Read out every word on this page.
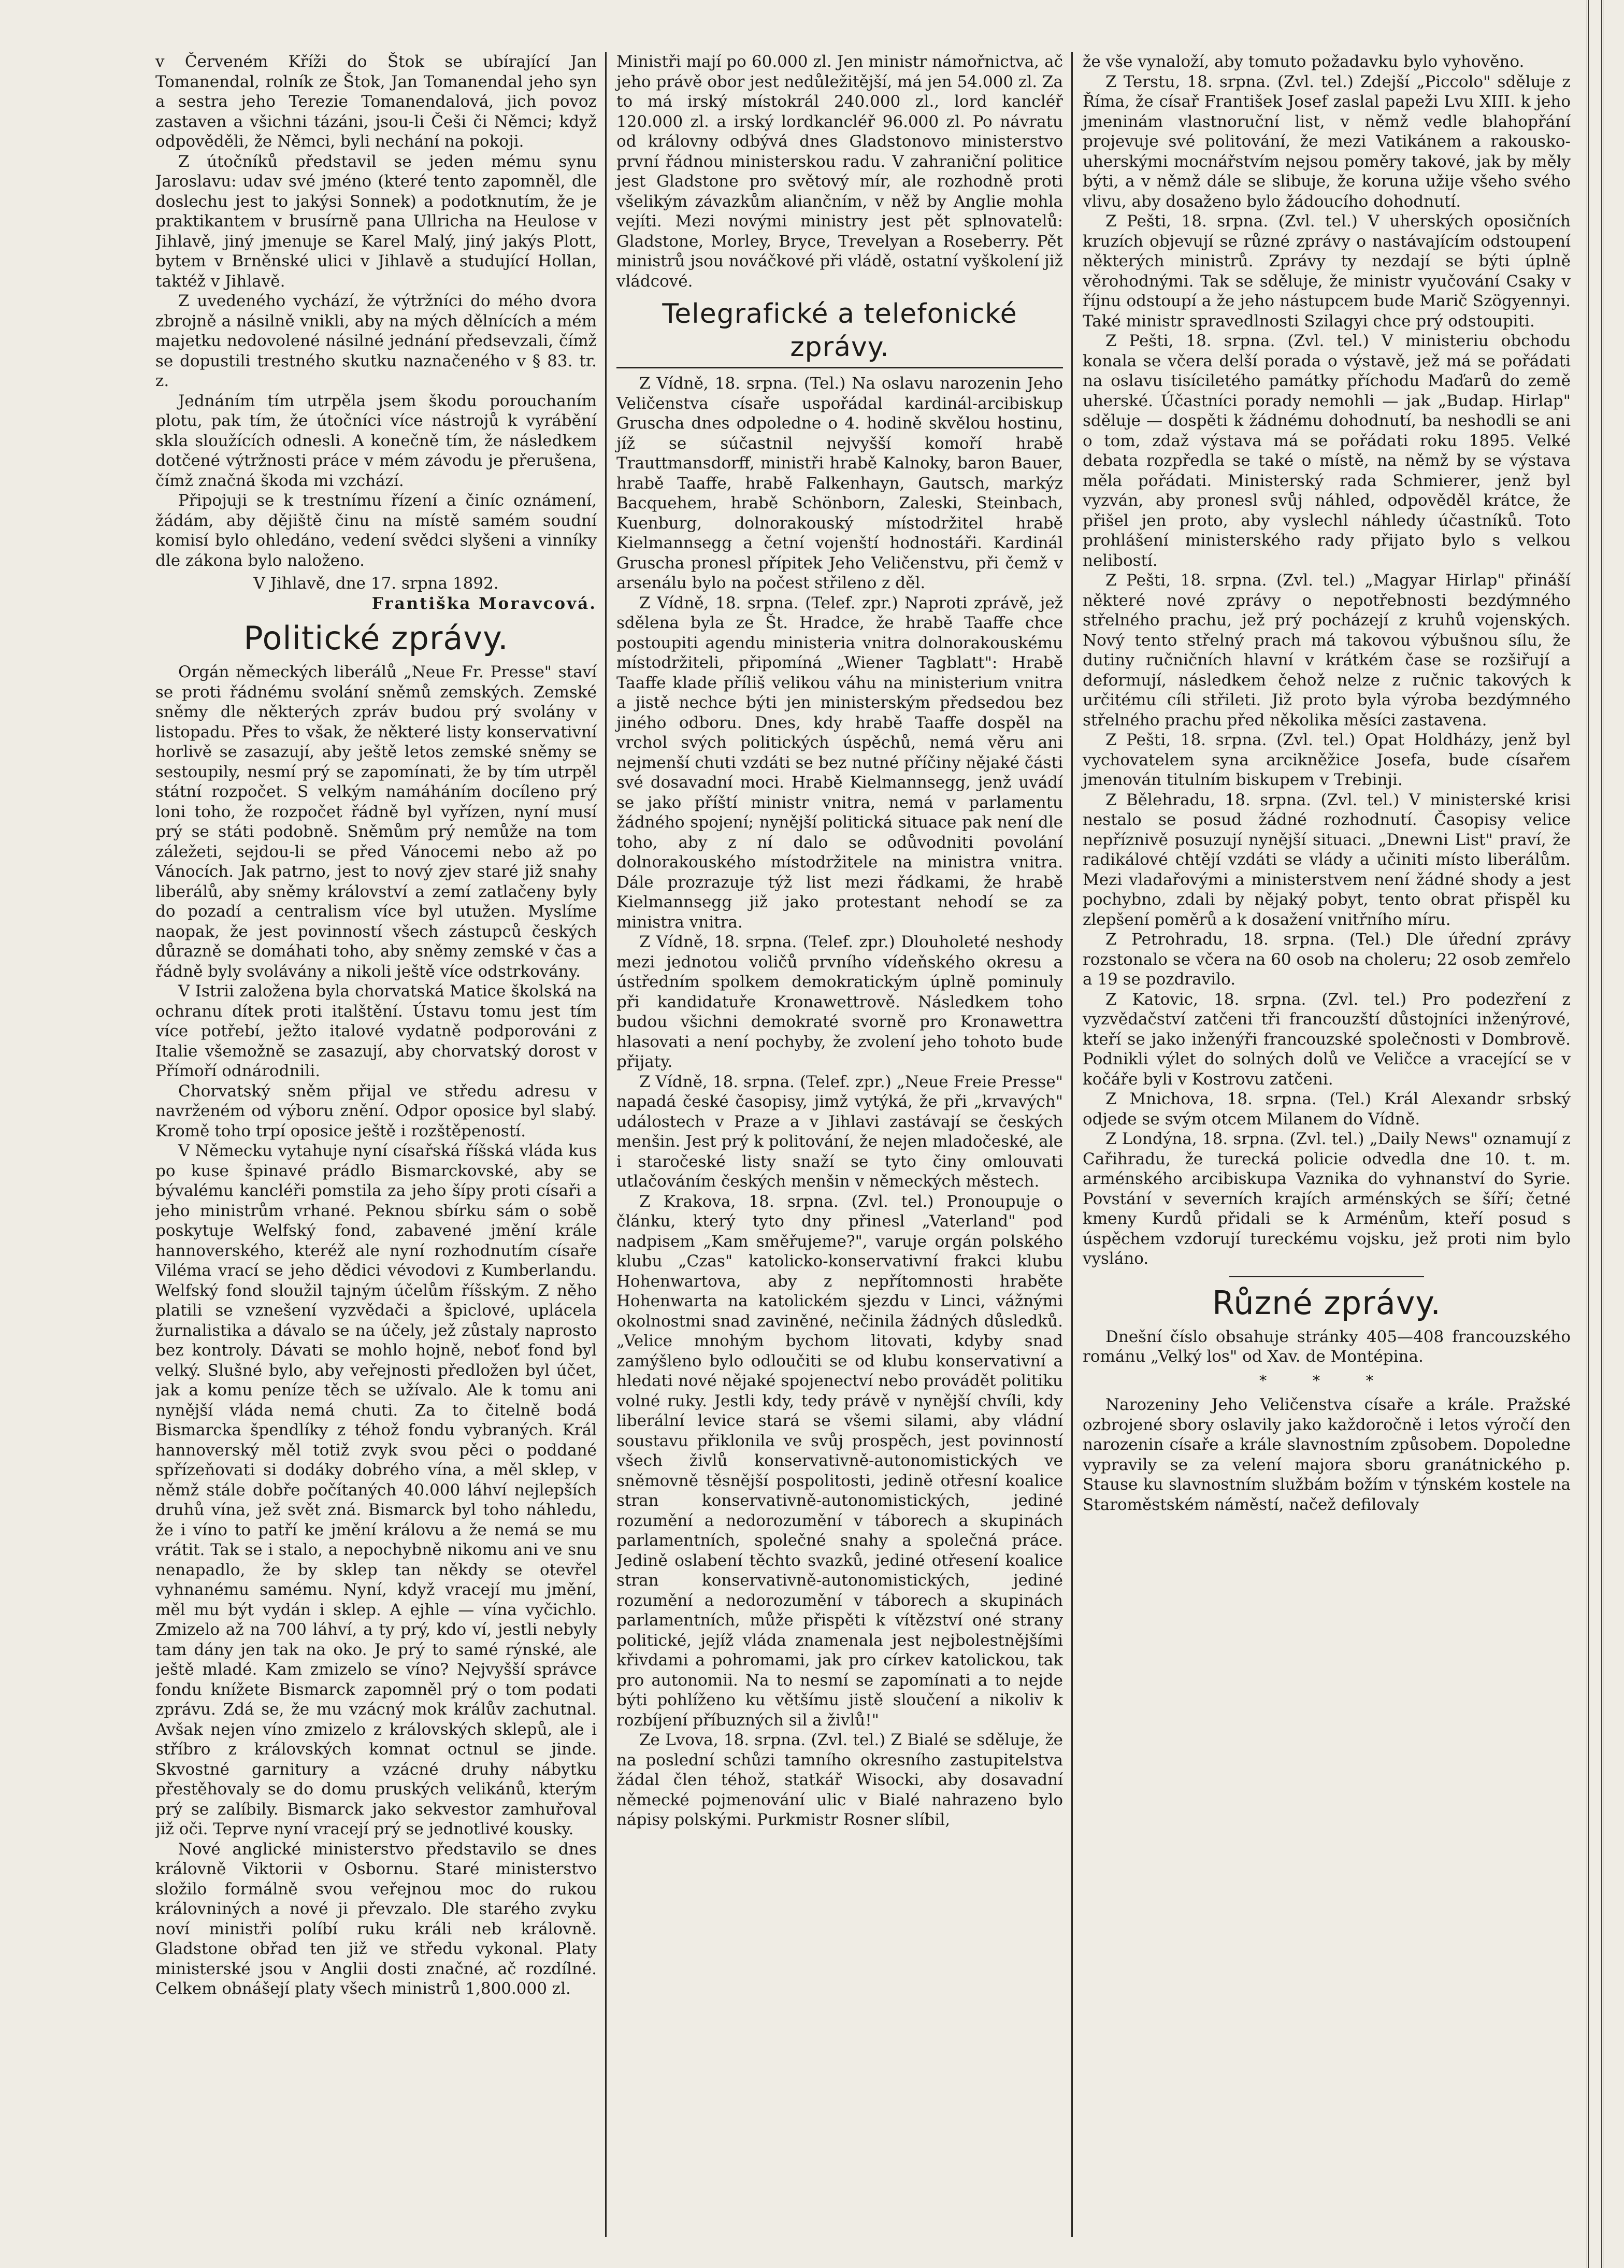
v Červeném Kříži do Štok se ubírající Jan Tomanendal, rolník ze Štok, Jan Tomanendal jeho syn a sestra jeho Terezie Tomanendalová, jich povoz zastaven a všichni tázáni, jsou-li Češi či Němci; když odpověděli, že Němci, byli nechání na pokoji.

Z útočníků představil se jeden mému synu Jaroslavu: udav své jméno (které tento zapomněl, dle doslechu jest to jakýsi Sonnek) a podotknutím, že je praktikantem v brusírně pana Ullricha na Heulose v Jihlavě, jiný jmenuje se Karel Malý, jiný jakýs Plott, bytem v Brněnské ulici v Jihlavě a studující Hollan, taktéž v Jihlavě.

Z uvedeného vychází, že výtržníci do mého dvora zbrojně a násilně vnikli, aby na mých dělnících a mém majetku nedovolené násilné jednání předsevzali, čímž se dopustili trestného skutku naznačeného v § 83. tr. z.

Jednáním tím utrpěla jsem škodu porouchaním plotu, pak tím, že útočníci více nástrojů k vyrábění skla sloužících odnesli. A konečně tím, že následkem dotčené výtržnosti práce v mém závodu je přerušena, čímž značná škoda mi vzchází.

Připojuji se k trestnímu řízení a činíc oznámení, žádám, aby dějiště činu na místě samém soudní komisí bylo ohledáno, vedení svědci slyšeni a vinníky dle zákona bylo naloženo.

V Jihlavě, dne 17. srpna 1892.

Františka Moravcová.

Politické zprávy.

Orgán německých liberálů „Neue Fr. Presse" staví se proti řádnému svolání sněmů zemských. Zemské sněmy dle některých zpráv budou prý svolány v listopadu. Přes to však, že některé listy konservativní horlivě se zasazují, aby ještě letos zemské sněmy se sestoupily, nesmí prý se zapomínati, že by tím utrpěl státní rozpočet. S velkým namáháním docíleno prý loni toho, že rozpočet řádně byl vyřízen, nyní musí prý se státi podobně. Sněmům prý nemůže na tom záležeti, sejdou-li se před Vánocemi nebo až po Vánocích. Jak patrno, jest to nový zjev staré již snahy liberálů, aby sněmy království a zemí zatlačeny byly do pozadí a centralism více byl utužen. Myslíme naopak, že jest povinností všech zástupců českých důrazně se domáhati toho, aby sněmy zemské v čas a řádně byly svolávány a nikoli ještě více odstrkovány.

V Istrii založena byla chorvatská Matice školská na ochranu dítek proti italštění. Ústavu tomu jest tím více potřebí, ježto italové vydatně podporováni z Italie všemožně se zasazují, aby chorvatský dorost v Přímoří odnárodnili.

Chorvatský sněm přijal ve středu adresu v navrženém od výboru znění. Odpor oposice byl slabý. Kromě toho trpí oposice ještě i rozštěpeností.

V Německu vytahuje nyní císařská říšská vláda kus po kuse špinavé prádlo Bismarckovské, aby se bývalému kancléři pomstila za jeho šípy proti císaři a jeho ministrům vrhané. Peknou sbírku sám o sobě poskytuje Welfský fond, zabavené jmění krále hannoverského, kteréž ale nyní rozhodnutím císaře Viléma vrací se jeho dědici vévodovi z Kumberlandu. Welfský fond sloužil tajným účelům říšským. Z něho platili se vznešení vyzvědači a špiclové, uplácela žurnalistika a dávalo se na účely, jež zůstaly naprosto bez kontroly. Dávati se mohlo hojně, neboť fond byl velký. Slušné bylo, aby veřejnosti předložen byl účet, jak a komu peníze těch se užívalo. Ale k tomu ani nynější vláda nemá chuti. Za to čitelně bodá Bismarcka špendlíky z téhož fondu vybraných. Král hannoverský měl totiž zvyk svou pěci o poddané spřízeňovati si dodáky dobrého vína, a měl sklep, v němž stále dobře počítaných 40.000 láhví nejlepších druhů vína, jež svět zná. Bismarck byl toho náhledu, že i víno to patří ke jmění královu a že nemá se mu vrátit. Tak se i stalo, a nepochybně nikomu ani ve snu nenapadlo, že by sklep tan někdy se otevřel vyhnanému samému. Nyní, když vracejí mu jmění, měl mu být vydán i sklep. A ejhle — vína vyčichlo. Zmizelo až na 700 láhví, a ty prý, kdo ví, jestli nebyly tam dány jen tak na oko. Je prý to samé rýnské, ale ještě mladé. Kam zmizelo se víno? Nejvyšší správce fondu knížete Bismarck zapomněl prý o tom podati zprávu. Zdá se, že mu vzácný mok králův zachutnal. Avšak nejen víno zmizelo z královských sklepů, ale i stříbro z královských komnat octnul se jinde. Skvostné garnitury a vzácné druhy nábytku přestěhovaly se do domu pruských velikánů, kterým prý se zalíbily. Bismarck jako sekvestor zamhuřoval již oči. Teprve nyní vracejí prý se jednotlivé kousky.

Nové anglické ministerstvo představilo se dnes královně Viktorii v Osbornu. Staré ministerstvo složilo formálně svou veřejnou moc do rukou královniných a nové ji převzalo. Dle starého zvyku noví ministři políbí ruku králi neb královně. Gladstone obřad ten již ve středu vykonal. Platy ministerské jsou v Anglii dosti značné, ač rozdílné. Celkem obnášejí platy všech ministrů 1,800.000 zl.

Ministři mají po 60.000 zl. Jen ministr námořnictva, ač jeho právě obor jest nedůležitější, má jen 54.000 zl. Za to má irský místokrál 240.000 zl., lord kancléř 120.000 zl. a irský lordkancléř 96.000 zl. Po návratu od královny odbývá dnes Gladstonovo ministerstvo první řádnou ministerskou radu. V zahraniční politice jest Gladstone pro světový mír, ale rozhodně proti všelikým závazkům aliančním, v něž by Anglie mohla vejíti. Mezi novými ministry jest pět splnovatelů: Gladstone, Morley, Bryce, Trevelyan a Roseberry. Pět ministrů jsou nováčkové při vládě, ostatní vyškolení již vládcové.

Telegrafické a telefonické zprávy.

Z Vídně, 18. srpna. (Tel.) Na oslavu narozenin Jeho Veličenstva císaře uspořádal kardinál-arcibiskup Gruscha dnes odpoledne o 4. hodině skvělou hostinu, jíž se súčastnil nejvyšší komoří hrabě Trauttmansdorff, ministři hrabě Kalnoky, baron Bauer, hrabě Taaffe, hrabě Falkenhayn, Gautsch, markýz Bacquehem, hrabě Schönborn, Zaleski, Steinbach, Kuenburg, dolnorakouský místodržitel hrabě Kielmannsegg a četní vojenští hodnostáři. Kardinál Gruscha pronesl přípitek Jeho Veličenstvu, při čemž v arsenálu bylo na počest střileno z děl.

Z Vídně, 18. srpna. (Telef. zpr.) Naproti zprávě, jež sdělena byla ze Št. Hradce, že hrabě Taaffe chce postoupiti agendu ministeria vnitra dolnorakouskému místodržiteli, připomíná „Wiener Tagblatt": Hrabě Taaffe klade příliš velikou váhu na ministerium vnitra a jistě nechce býti jen ministerským předsedou bez jiného odboru. Dnes, kdy hrabě Taaffe dospěl na vrchol svých politických úspěchů, nemá věru ani nejmenší chuti vzdáti se bez nutné příčiny nějaké části své dosavadní moci. Hrabě Kielmannsegg, jenž uvádí se jako příští ministr vnitra, nemá v parlamentu žádného spojení; nynější politická situace pak není dle toho, aby z ní dalo se odůvodniti povolání dolnorakouského místodržitele na ministra vnitra. Dále prozrazuje týž list mezi řádkami, že hrabě Kielmannsegg již jako protestant nehodí se za ministra vnitra.

Z Vídně, 18. srpna. (Telef. zpr.) Dlouholeté neshody mezi jednotou voličů prvního vídeňského okresu a ústředním spolkem demokratickým úplně pominuly při kandidatuře Kronawettrově. Následkem toho budou všichni demokraté svorně pro Kronawettra hlasovati a není pochyby, že zvolení jeho tohoto bude přijaty.

Z Vídně, 18. srpna. (Telef. zpr.) „Neue Freie Presse" napadá české časopisy, jimž vytýká, že při „krvavých" událostech v Praze a v Jihlavi zastávají se českých menšin. Jest prý k politování, že nejen mladočeské, ale i staročeské listy snaží se tyto činy omlouvati utlačováním českých menšin v německých městech.

Z Krakova, 18. srpna. (Zvl. tel.) Pronoupuje o článku, který tyto dny přinesl „Vaterland" pod nadpisem „Kam směřujeme?", varuje orgán polského klubu „Czas" katolicko-konservativní frakci klubu Hohenwartova, aby z nepřítomnosti hraběte Hohenwarta na katolickém sjezdu v Linci, vážnými okolnostmi snad zaviněné, nečinila žádných důsledků. „Velice mnohým bychom litovati, kdyby snad zamýšleno bylo odloučiti se od klubu konservativní a hledati nové nějaké spojenectví nebo provádět politiku volné ruky. Jestli kdy, tedy právě v nynější chvíli, kdy liberální levice stará se všemi silami, aby vládní soustavu přiklonila ve svůj prospěch, jest povinností všech živlů konservativně-autonomistických ve sněmovně těsnější pospolitosti, jedině otřesní koalice stran konservativně-autonomistických, jediné rozumění a nedorozumění v táborech a skupinách parlamentních, společné snahy a společná práce. Jedině oslabení těchto svazků, jediné otřesení koalice stran konservativně-autonomistických, jediné rozumění a nedorozumění v táborech a skupinách parlamentních, může přispěti k vítězství oné strany politické, jejíž vláda znamenala jest nejbolestnějšími křivdami a pohromami, jak pro církev katolickou, tak pro autonomii. Na to nesmí se zapomínati a to nejde býti pohlíženo ku většímu jistě sloučení a nikoliv k rozbíjení příbuzných sil a živlů!"

Ze Lvova, 18. srpna. (Zvl. tel.) Z Bialé se sděluje, že na poslední schůzi tamního okresního zastupitelstva žádal člen téhož, statkář Wisocki, aby dosavadní německé pojmenování ulic v Bialé nahrazeno bylo nápisy polskými. Purkmistr Rosner slíbil,

že vše vynaloží, aby tomuto požadavku bylo vyhověno.

Z Terstu, 18. srpna. (Zvl. tel.) Zdejší „Piccolo" sděluje z Říma, že císař František Josef zaslal papeži Lvu XIII. k jeho jmeninám vlastnoruční list, v němž vedle blahopřání projevuje své politování, že mezi Vatikánem a rakousko-uherskými mocnářstvím nejsou poměry takové, jak by měly býti, a v němž dále se slibuje, že koruna užije všeho svého vlivu, aby dosaženo bylo žádoucího dohodnutí.

Z Pešti, 18. srpna. (Zvl. tel.) V uherských oposičních kruzích objevují se různé zprávy o nastávajícím odstoupení některých ministrů. Zprávy ty nezdají se býti úplně věrohodnými. Tak se sděluje, že ministr vyučování Csaky v říjnu odstoupí a že jeho nástupcem bude Marič Szögyennyi. Také ministr spravedlnosti Szilagyi chce prý odstoupiti.

Z Pešti, 18. srpna. (Zvl. tel.) V ministeriu obchodu konala se včera delší porada o výstavě, jež má se pořádati na oslavu tisíciletého památky příchodu Maďarů do země uherské. Účastníci porady nemohli — jak „Budap. Hirlap" sděluje — dospěti k žádnému dohodnutí, ba neshodli se ani o tom, zdaž výstava má se pořádati roku 1895. Velké debata rozpředla se také o místě, na němž by se výstava měla pořádati. Ministerský rada Schmierer, jenž byl vyzván, aby pronesl svůj náhled, odpověděl krátce, že přišel jen proto, aby vyslechl náhledy účastníků. Toto prohlášení ministerského rady přijato bylo s velkou nelibostí.

Z Pešti, 18. srpna. (Zvl. tel.) „Magyar Hirlap" přináší některé nové zprávy o nepotřebnosti bezdýmného střelného prachu, jež prý pocházejí z kruhů vojenských. Nový tento střelný prach má takovou výbušnou sílu, že dutiny ručničních hlavní v krátkém čase se rozšiřují a deformují, následkem čehož nelze z ručnic takových k určitému cíli střileti. Již proto byla výroba bezdýmného střelného prachu před několika měsíci zastavena.

Z Pešti, 18. srpna. (Zvl. tel.) Opat Holdházy, jenž byl vychovatelem syna arcikněžice Josefa, bude císařem jmenován titulním biskupem v Trebinji.

Z Bělehradu, 18. srpna. (Zvl. tel.) V ministerské krisi nestalo se posud žádné rozhodnutí. Časopisy velice nepříznivě posuzují nynější situaci. „Dnewni List" praví, že radikálové chtějí vzdáti se vlády a učiniti místo liberálům. Mezi vladařovými a ministerstvem není žádné shody a jest pochybno, zdali by nějaký pobyt, tento obrat přispěl ku zlepšení poměrů a k dosažení vnitřního míru.

Z Petrohradu, 18. srpna. (Tel.) Dle úřední zprávy rozstonalo se včera na 60 osob na choleru; 22 osob zemřelo a 19 se pozdravilo.

Z Katovic, 18. srpna. (Zvl. tel.) Pro podezření z vyzvědačství zatčeni tři francouzští důstojníci inženýrové, kteří se jako inženýři francouzské společnosti v Dombrově. Podnikli výlet do solných dolů ve Veličce a vracející se v kočáře byli v Kostrovu zatčeni.

Z Mnichova, 18. srpna. (Tel.) Král Alexandr srbský odjede se svým otcem Milanem do Vídně.

Z Londýna, 18. srpna. (Zvl. tel.) „Daily News" oznamují z Cařihradu, že turecká policie odvedla dne 10. t. m. arménského arcibiskupa Vaznika do vyhnanství do Syrie. Povstání v severních krajích arménských se šíří; četné kmeny Kurdů přidali se k Arménům, kteří posud s úspěchem vzdorují tureckému vojsku, jež proti nim bylo vysláno.

Různé zprávy.

Dnešní číslo obsahuje stránky 405—408 francouzského románu „Velký los" od Xav. de Montépina.

* * *

Narozeniny Jeho Veličenstva císaře a krále. Pražské ozbrojené sbory oslavily jako každoročně i letos výročí den narozenin císaře a krále slavnostním způsobem. Dopoledne vypravily se za velení majora sboru granátnického p. Stause ku slavnostním službám božím v týnském kostele na Staroměstském náměstí, načež defilovaly
